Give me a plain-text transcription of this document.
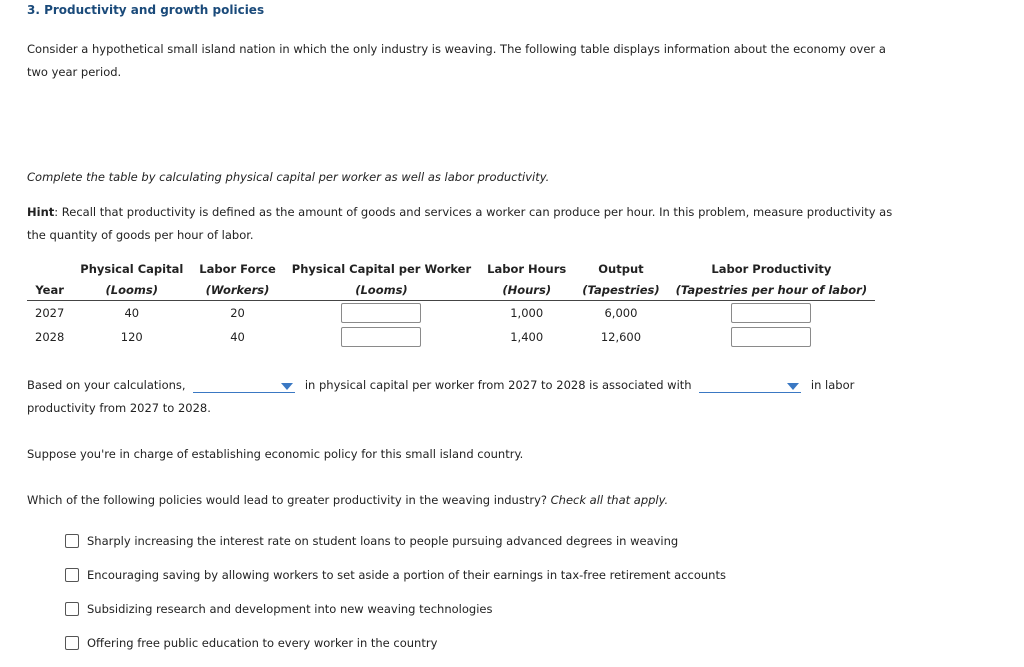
3. Productivity and growth policies
Consider a hypothetical small island nation in which the only industry is weaving. The following table displays information about the economy over a
two year period.
Complete the table by calculating physical capital per worker as well as labor productivity.
Hint: Recall that productivity is defined as the amount of goods and services a worker can produce per hour. In this problem, measure productivity as
the quantity of goods per hour of labor.
	Physical Capital	Labor Force	Physical Capital per Worker	Labor Hours	Output	Labor Productivity
Year	(Looms)	(Workers)	(Looms)	(Hours)	(Tapestries)	(Tapestries per hour of labor)
2027	40	20		1,000	6,000	
2028	120	40		1,400	12,600	
Based on your calculations,	in physical capital per worker from 2027 to 2028 is associated with	in labor
productivity from 2027 to 2028.
Suppose you're in charge of establishing economic policy for this small island country.
Which of the following policies would lead to greater productivity in the weaving industry? Check all that apply.
Sharply increasing the interest rate on student loans to people pursuing advanced degrees in weaving
Encouraging saving by allowing workers to set aside a portion of their earnings in tax-free retirement accounts
Subsidizing research and development into new weaving technologies
Offering free public education to every worker in the country
